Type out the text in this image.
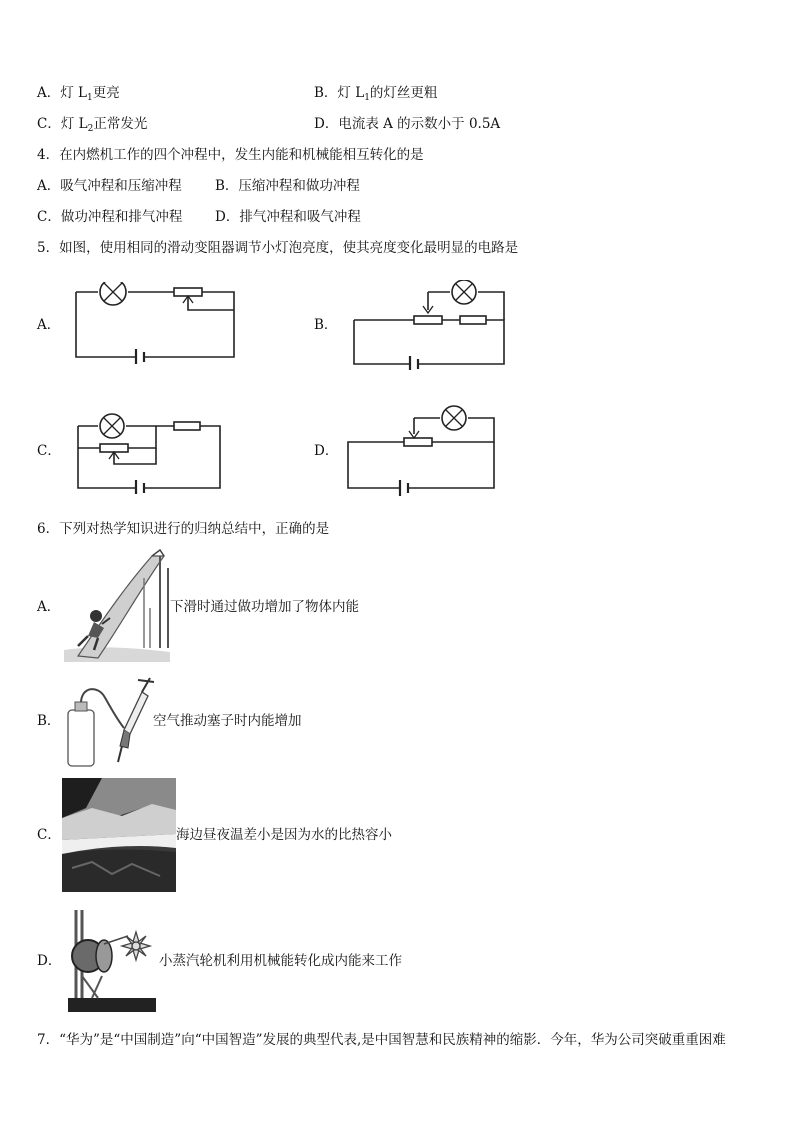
A．灯 $L_1$更亮	B．灯 $L_1$的灯丝更粗
C．灯 $L_2$正常发光	D．电流表 A 的示数小于 0.5A
4．在内燃机工作的四个冲程中，发生内能和机械能相互转化的是
A．吸气冲程和压缩冲程 B．压缩冲程和做功冲程
C．做功冲程和排气冲程 D．排气冲程和吸气冲程
5．如图，使用相同的滑动变阻器调节小灯泡亮度，使其亮度变化最明显的电路是
A．	B．
C．	D．
6．下列对热学知识进行的归纳总结中，正确的是
A．	下滑时通过做功增加了物体内能
B．	空气推动塞子时内能增加
C．	海边昼夜温差小是因为水的比热容小
D．	小蒸汽轮机利用机械能转化成内能来工作
7．“华为”是“中国制造”向“中国智造”发展的典型代表,是中国智慧和民族精神的缩影．今年，华为公司突破重重困难
